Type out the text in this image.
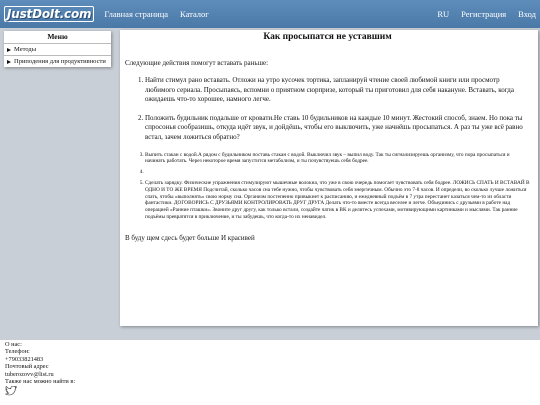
JustDoIt.com	Главная страница Каталог	RU Регистрация Вход
Меню
Методы
Приподения для продуктивности
Как просыпатся не уставшим

Следующие действия помогут вставать раньше:

1. Найти стимул рано вставать. Отложи на утро кусочек тортика, запланируй чтение своей любимой книги или просмотр любимого сериала. Просыпаясь, вспомни о приятном сюрпризе, который ты приготовил для себя накануне. Вставать, когда ожидаешь что-то хорошее, намного легче.
2. Положить будильник подальше от кровати.Не ставь 10 будильников на каждые 10 минут. Жестокий способ, знаем. Но пока ты спросонья сообразишь, откуда идёт звук, и дойдёшь, чтобы его выключить, уже начнёшь просыпаться. А раз ты уже всё равно встал, зачем ложиться обратно?
3. Выпить стакан с водой.А рядом с будильником поставь стакан с водой. Выключил звук – выпил воду. Так ты сигнализируешь организму, что пора просыпаться и начинать работать. Через некоторое время запустится метаболизм, и ты почувствуешь себя бодрее.
4.
5. Сделать зарядку. Физические упражнения стимулируют мышечные волокна, что уже в свою очередь помогает чувствовать себя бодрее. ЛОЖИСЬ СПАТЬ И ВСТАВАЙ В ОДНО И ТО ЖЕ ВРЕМЯ Подсчитай, сколько часов сна тебе нужно, чтобы чувствовать себя энергичным. Обычно это 7-8 часов. И определи, во сколько лучше ложиться спать, чтобы «выполнять» свою норму сна. Организм постепенно привыкнет к расписанию, и ежедневный подъём в 7 утра перестанет казаться чем-то из области фантастики. ДОГОВОРИСЬ С ДРУЗЬЯМИ КОНТРОЛИРОВАТЬ ДРУГ ДРУГА Делать что-то вместе всегда веселее и легче. Объединись с друзьями в работе над операцией «Ранние пташки». Звоните друг другу, как только встали, создайте чатик в ВК и делитесь успехами, мотивирующими картинками и мыслями. Так ранние подъёмы превратятся в приключение, и ты забудешь, что когда-то их ненавидел.

В буду щем сдесь будет больше И красивей

О нас:
Телефон:
+79033821483
Почтовый адрес
tuberozovv@list.ru
Также нас можно найти в:
